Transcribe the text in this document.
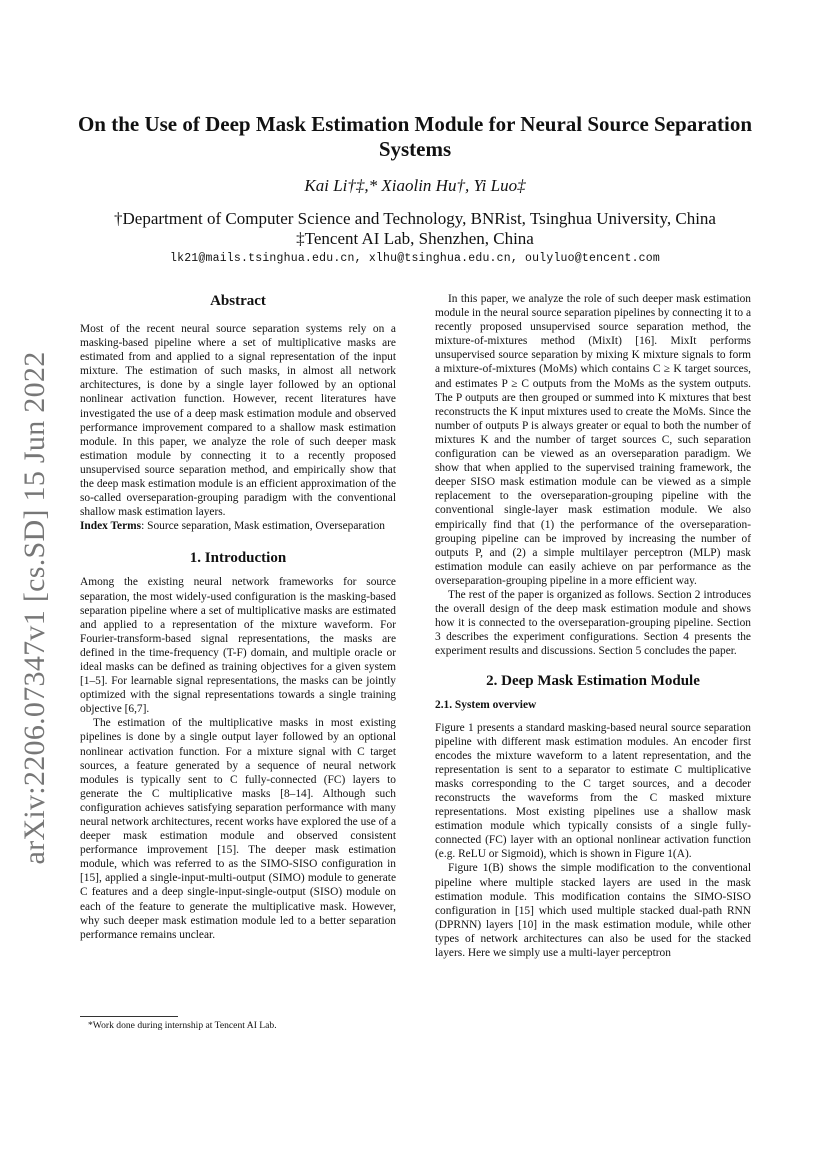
arXiv:2206.07347v1 [cs.SD] 15 Jun 2022
On the Use of Deep Mask Estimation Module for Neural Source Separation Systems
Kai Li†‡,* Xiaolin Hu†, Yi Luo‡
†Department of Computer Science and Technology, BNRist, Tsinghua University, China
‡Tencent AI Lab, Shenzhen, China
lk21@mails.tsinghua.edu.cn, xlhu@tsinghua.edu.cn, oulyluo@tencent.com
Abstract

Most of the recent neural source separation systems rely on a masking-based pipeline where a set of multiplicative masks are estimated from and applied to a signal representation of the input mixture. The estimation of such masks, in almost all network architectures, is done by a single layer followed by an optional nonlinear activation function. However, recent literatures have investigated the use of a deep mask estimation module and observed performance improvement compared to a shallow mask estimation module. In this paper, we analyze the role of such deeper mask estimation module by connecting it to a recently proposed unsupervised source separation method, and empirically show that the deep mask estimation module is an efficient approximation of the so-called overseparation-grouping paradigm with the conventional shallow mask estimation layers.

Index Terms: Source separation, Mask estimation, Overseparation

1. Introduction

Among the existing neural network frameworks for source separation, the most widely-used configuration is the masking-based separation pipeline where a set of multiplicative masks are estimated and applied to a representation of the mixture waveform. For Fourier-transform-based signal representations, the masks are defined in the time-frequency (T-F) domain, and multiple oracle or ideal masks can be defined as training objectives for a given system [1–5]. For learnable signal representations, the masks can be jointly optimized with the signal representations towards a single training objective [6,7].

The estimation of the multiplicative masks in most existing pipelines is done by a single output layer followed by an optional nonlinear activation function. For a mixture signal with C target sources, a feature generated by a sequence of neural network modules is typically sent to C fully-connected (FC) layers to generate the C multiplicative masks [8–14]. Although such configuration achieves satisfying separation performance with many neural network architectures, recent works have explored the use of a deeper mask estimation module and observed consistent performance improvement [15]. The deeper mask estimation module, which was referred to as the SIMO-SISO configuration in [15], applied a single-input-multi-output (SIMO) module to generate C features and a deep single-input-single-output (SISO) module on each of the feature to generate the multiplicative mask. However, why such deeper mask estimation module led to a better separation performance remains unclear.

In this paper, we analyze the role of such deeper mask estimation module in the neural source separation pipelines by connecting it to a recently proposed unsupervised source separation method, the mixture-of-mixtures method (MixIt) [16]. MixIt performs unsupervised source separation by mixing K mixture signals to form a mixture-of-mixtures (MoMs) which contains C ≥ K target sources, and estimates P ≥ C outputs from the MoMs as the system outputs. The P outputs are then grouped or summed into K mixtures that best reconstructs the K input mixtures used to create the MoMs. Since the number of outputs P is always greater or equal to both the number of mixtures K and the number of target sources C, such separation configuration can be viewed as an overseparation paradigm. We show that when applied to the supervised training framework, the deeper SISO mask estimation module can be viewed as a simple replacement to the overseparation-grouping pipeline with the conventional single-layer mask estimation module. We also empirically find that (1) the performance of the overseparation-grouping pipeline can be improved by increasing the number of outputs P, and (2) a simple multilayer perceptron (MLP) mask estimation module can easily achieve on par performance as the overseparation-grouping pipeline in a more efficient way.

The rest of the paper is organized as follows. Section 2 introduces the overall design of the deep mask estimation module and shows how it is connected to the overseparation-grouping pipeline. Section 3 describes the experiment configurations. Section 4 presents the experiment results and discussions. Section 5 concludes the paper.

2. Deep Mask Estimation Module
2.1. System overview

Figure 1 presents a standard masking-based neural source separation pipeline with different mask estimation modules. An encoder first encodes the mixture waveform to a latent representation, and the representation is sent to a separator to estimate C multiplicative masks corresponding to the C target sources, and a decoder reconstructs the waveforms from the C masked mixture representations. Most existing pipelines use a shallow mask estimation module which typically consists of a single fully-connected (FC) layer with an optional nonlinear activation function (e.g. ReLU or Sigmoid), which is shown in Figure 1(A).

Figure 1(B) shows the simple modification to the conventional pipeline where multiple stacked layers are used in the mask estimation module. This modification contains the SIMO-SISO configuration in [15] which used multiple stacked dual-path RNN (DPRNN) layers [10] in the mask estimation module, while other types of network architectures can also be used for the stacked layers. Here we simply use a multi-layer perceptron

*Work done during internship at Tencent AI Lab.
